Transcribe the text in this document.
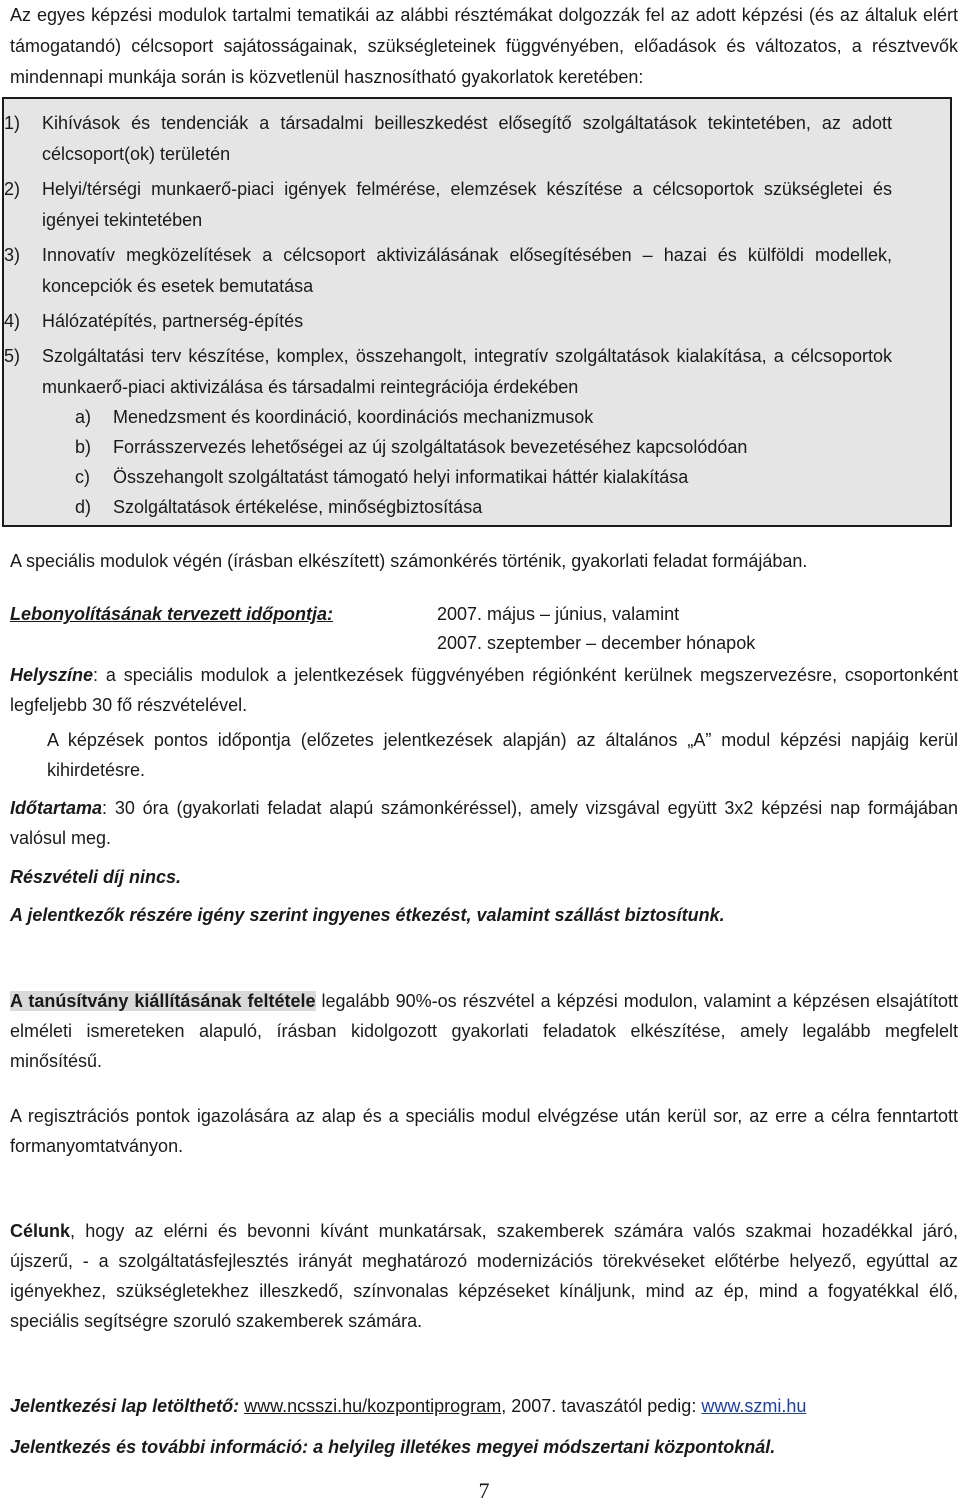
Az egyes képzési modulok tartalmi tematikái az alábbi résztémákat dolgozzák fel az adott képzési (és az általuk elért támogatandó) célcsoport sajátosságainak, szükségleteinek függvényében, előadások és változatos, a résztvevők mindennapi munkája során is közvetlenül hasznosítható gyakorlatok keretében:

1)	Kihívások és tendenciák a társadalmi beilleszkedést elősegítő szolgáltatások tekintetében, az adott célcsoport(ok) területén
2)	Helyi/térségi munkaerő-piaci igények felmérése, elemzések készítése a célcsoportok szükségletei és igényei tekintetében
3)	Innovatív megközelítések a célcsoport aktivizálásának elősegítésében – hazai és külföldi modellek, koncepciók és esetek bemutatása
4)	Hálózatépítés, partnerség-építés
5)	Szolgáltatási terv készítése, komplex, összehangolt, integratív szolgáltatások kialakítása, a célcsoportok munkaerő-piaci aktivizálása és társadalmi reintegrációja érdekében
a)	Menedzsment és koordináció, koordinációs mechanizmusok
b)	Forrásszervezés lehetőségei az új szolgáltatások bevezetéséhez kapcsolódóan
c)	Összehangolt szolgáltatást támogató helyi informatikai háttér kialakítása
d)	Szolgáltatások értékelése, minőségbiztosítása

A speciális modulok végén (írásban elkészített) számonkérés történik, gyakorlati feladat formájában.

Lebonyolításának tervezett időpontja:	2007. május – június, valamint

2007. szeptember – december hónapok

Helyszíne: a speciális modulok a jelentkezések függvényében régiónként kerülnek megszervezésre, csoportonként legfeljebb 30 fő részvételével.

A képzések pontos időpontja (előzetes jelentkezések alapján) az általános „A” modul képzési napjáig kerül kihirdetésre.

Időtartama: 30 óra (gyakorlati feladat alapú számonkéréssel), amely vizsgával együtt 3x2 képzési nap formájában valósul meg.

Részvételi díj nincs.

A jelentkezők részére igény szerint ingyenes étkezést, valamint szállást biztosítunk.

A tanúsítvány kiállításának feltétele legalább 90%-os részvétel a képzési modulon, valamint a képzésen elsajátított elméleti ismereteken alapuló, írásban kidolgozott gyakorlati feladatok elkészítése, amely legalább megfelelt minősítésű.

A regisztrációs pontok igazolására az alap és a speciális modul elvégzése után kerül sor, az erre a célra fenntartott formanyomtatványon.

Célunk, hogy az elérni és bevonni kívánt munkatársak, szakemberek számára valós szakmai hozadékkal járó, újszerű, - a szolgáltatásfejlesztés irányát meghatározó modernizációs törekvéseket előtérbe helyező, egyúttal az igényekhez, szükségletekhez illeszkedő, színvonalas képzéseket kínáljunk, mind az ép, mind a fogyatékkal élő, speciális segítségre szoruló szakemberek számára.

Jelentkezési lap letölthető: www.ncsszi.hu/kozpontiprogram, 2007. tavaszától pedig: www.szmi.hu

Jelentkezés és további információ: a helyileg illetékes megyei módszertani központoknál.

7
